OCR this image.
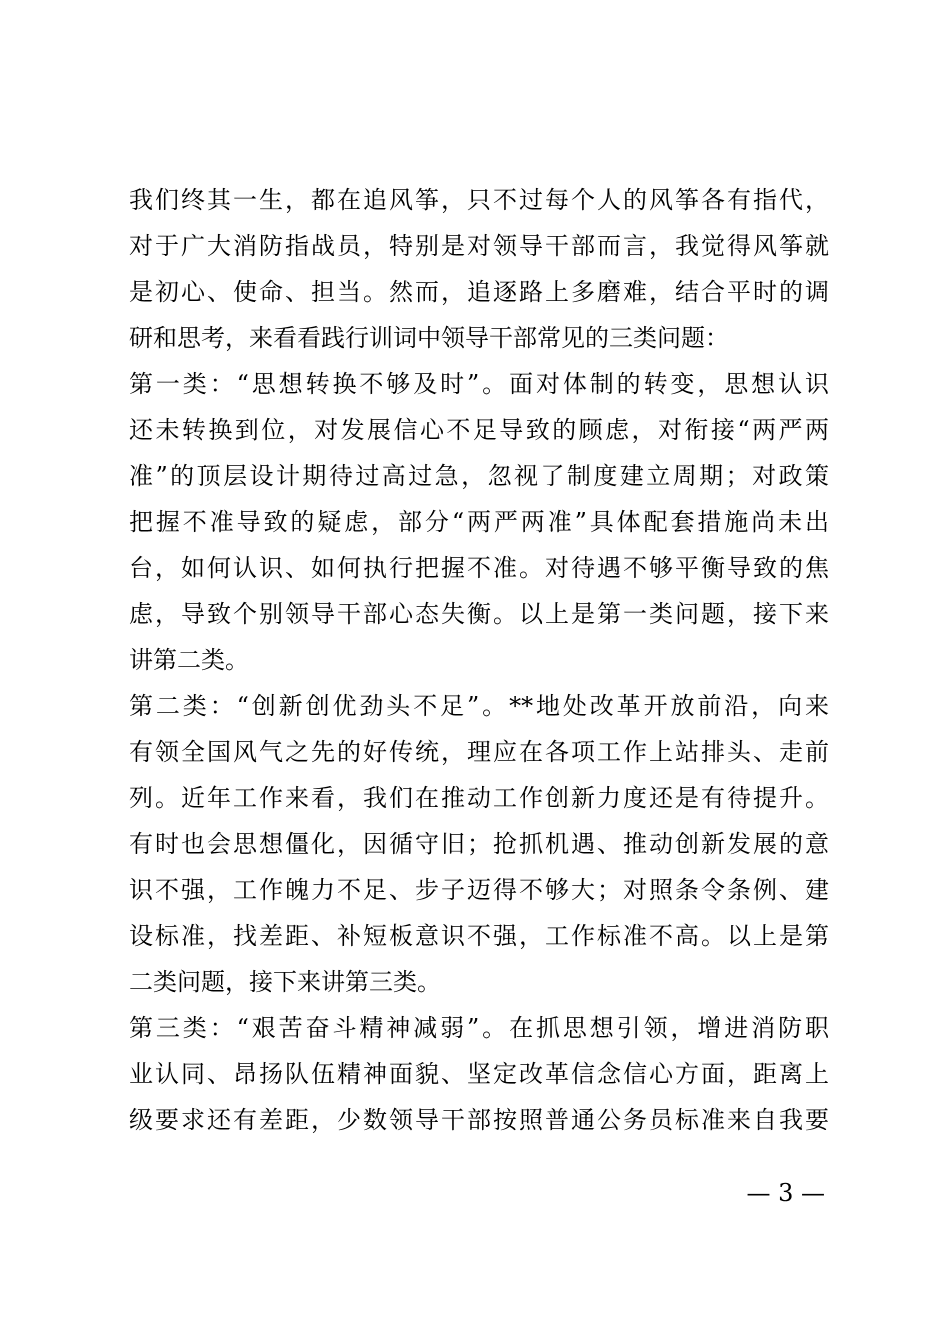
我们终其一生，都在追风筝，只不过每个人的风筝各有指代，
对于广大消防指战员，特别是对领导干部而言，我觉得风筝就
是初心、使命、担当。然而，追逐路上多磨难，结合平时的调
研和思考，来看看践行训词中领导干部常见的三类问题：
第一类：“思想转换不够及时”。面对体制的转变，思想认识
还未转换到位，对发展信心不足导致的顾虑，对衔接“两严两
准”的顶层设计期待过高过急，忽视了制度建立周期；对政策
把握不准导致的疑虑，部分“两严两准”具体配套措施尚未出
台，如何认识、如何执行把握不准。对待遇不够平衡导致的焦
虑，导致个别领导干部心态失衡。以上是第一类问题，接下来
讲第二类。
第二类：“创新创优劲头不足”。**地处改革开放前沿，向来
有领全国风气之先的好传统，理应在各项工作上站排头、走前
列。近年工作来看，我们在推动工作创新力度还是有待提升。
有时也会思想僵化，因循守旧；抢抓机遇、推动创新发展的意
识不强，工作魄力不足、步子迈得不够大；对照条令条例、建
设标准，找差距、补短板意识不强，工作标准不高。以上是第
二类问题，接下来讲第三类。
第三类：“艰苦奋斗精神减弱”。在抓思想引领，增进消防职
业认同、昂扬队伍精神面貌、坚定改革信念信心方面，距离上
级要求还有差距，少数领导干部按照普通公务员标准来自我要
— 3 —
